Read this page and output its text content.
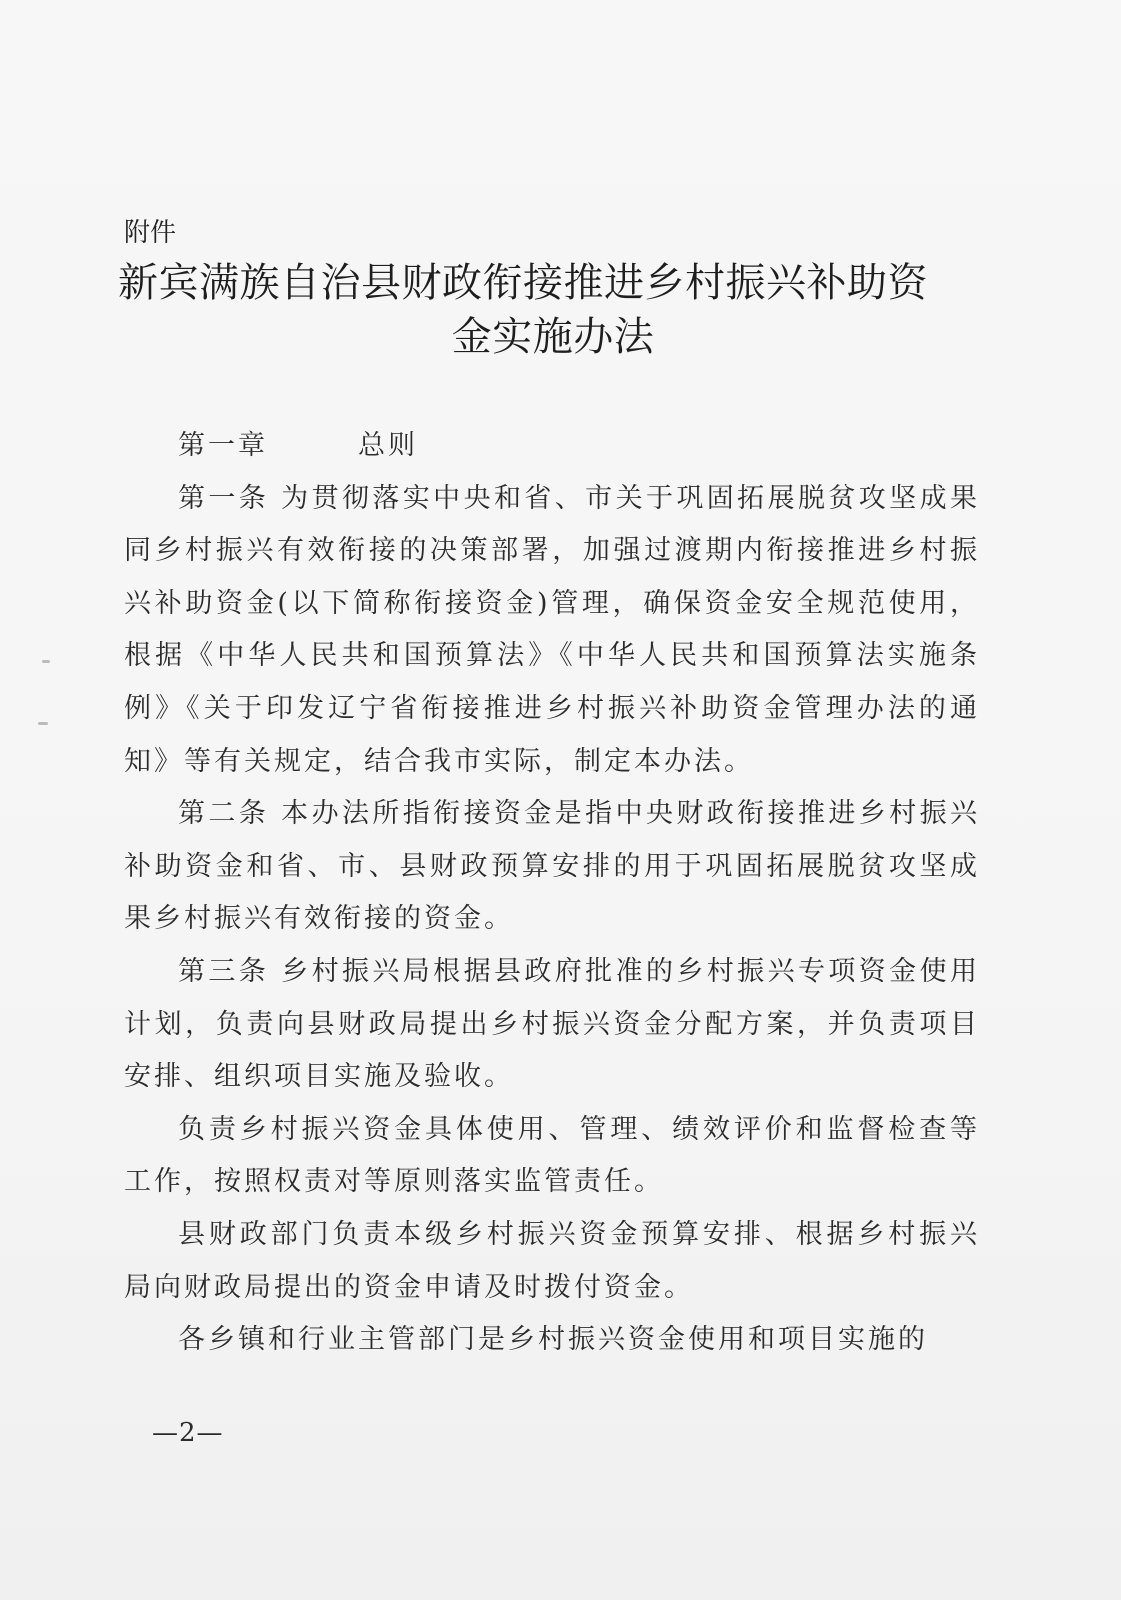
附件
新宾满族自治县财政衔接推进乡村振兴补助资
金实施办法

第一章	总则

第一条 为贯彻落实中央和省、市关于巩固拓展脱贫攻坚成果同乡村振兴有效衔接的决策部署，加强过渡期内衔接推进乡村振兴补助资金(以下简称衔接资金)管理，确保资金安全规范使用，根据《中华人民共和国预算法》《中华人民共和国预算法实施条例》《关于印发辽宁省衔接推进乡村振兴补助资金管理办法的通知》等有关规定，结合我市实际，制定本办法。

第二条 本办法所指衔接资金是指中央财政衔接推进乡村振兴补助资金和省、市、县财政预算安排的用于巩固拓展脱贫攻坚成果乡村振兴有效衔接的资金。

第三条 乡村振兴局根据县政府批准的乡村振兴专项资金使用计划，负责向县财政局提出乡村振兴资金分配方案，并负责项目安排、组织项目实施及验收。

负责乡村振兴资金具体使用、管理、绩效评价和监督检查等工作，按照权责对等原则落实监管责任。

县财政部门负责本级乡村振兴资金预算安排、根据乡村振兴局向财政局提出的资金申请及时拨付资金。

各乡镇和行业主管部门是乡村振兴资金使用和项目实施的

—2—
